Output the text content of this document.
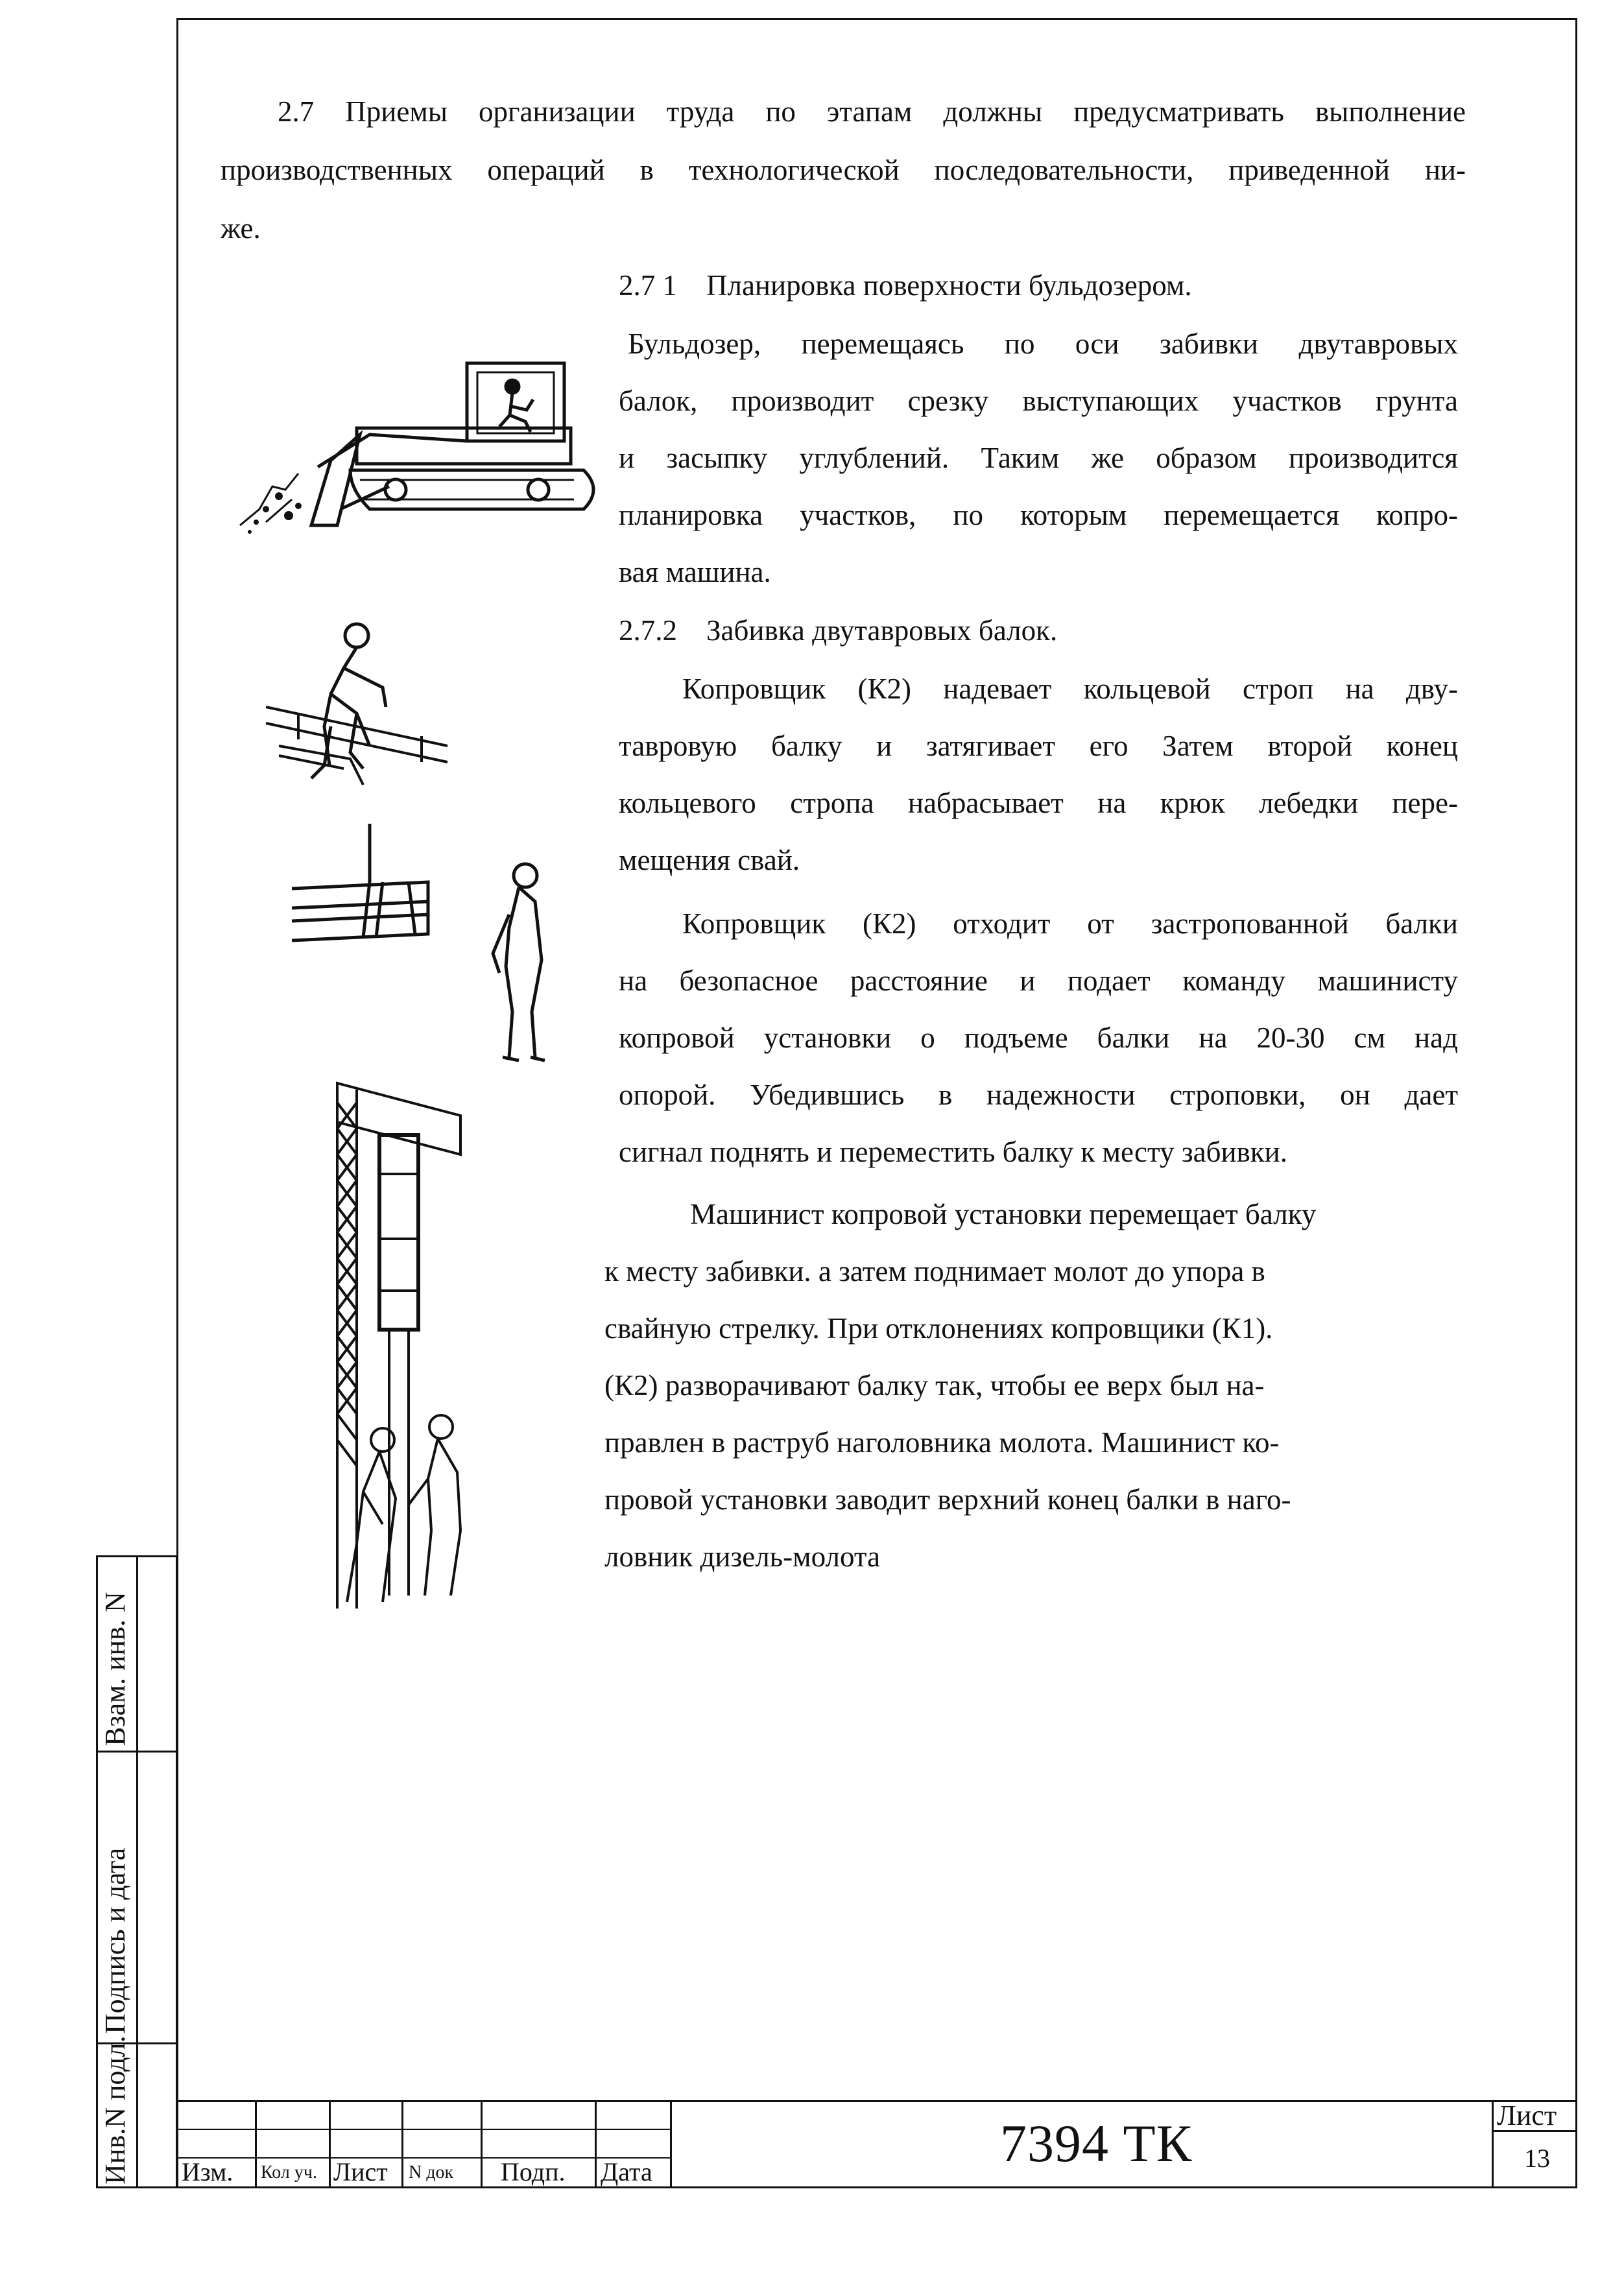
2.7 Приемы организации труда по этапам должны предусматривать выполнение
производственных операций в технологической последовательности, приведенной ни-
же.
2.7 1    Планировка поверхности бульдозером.
Бульдозер, перемещаясь по оси забивки двутавровых
балок, производит срезку выступающих участков грунта
и засыпку углублений. Таким же образом производится
планировка участков, по которым перемещается копро-
вая машина.
2.7.2    Забивка двутавровых балок.
Копровщик (К2) надевает кольцевой строп на дву-
тавровую балку и затягивает его Затем второй конец
кольцевого стропа набрасывает на крюк лебедки пере-
мещения свай.
Копровщик (К2) отходит от застропованной балки
на безопасное расстояние и подает команду машинисту
копровой установки о подъеме балки на 20-30 см над
опорой. Убедившись в надежности строповки, он дает
сигнал поднять и переместить балку к месту забивки.
Машинист копровой установки перемещает балку
к месту забивки. а затем поднимает молот до упора в
свайную стрелку. При отклонениях копровщики (К1).
(К2) разворачивают балку так, чтобы ее верх был на-
правлен в раструб наголовника молота. Машинист ко-
провой установки заводит верхний конец балки в наго-
ловник дизель-молота
Взам. инв. N
Подпись и дата
Инв.N подл. Изм. Кол уч. Лист N док Подп. Дата	7394 ТК	Лист
13
